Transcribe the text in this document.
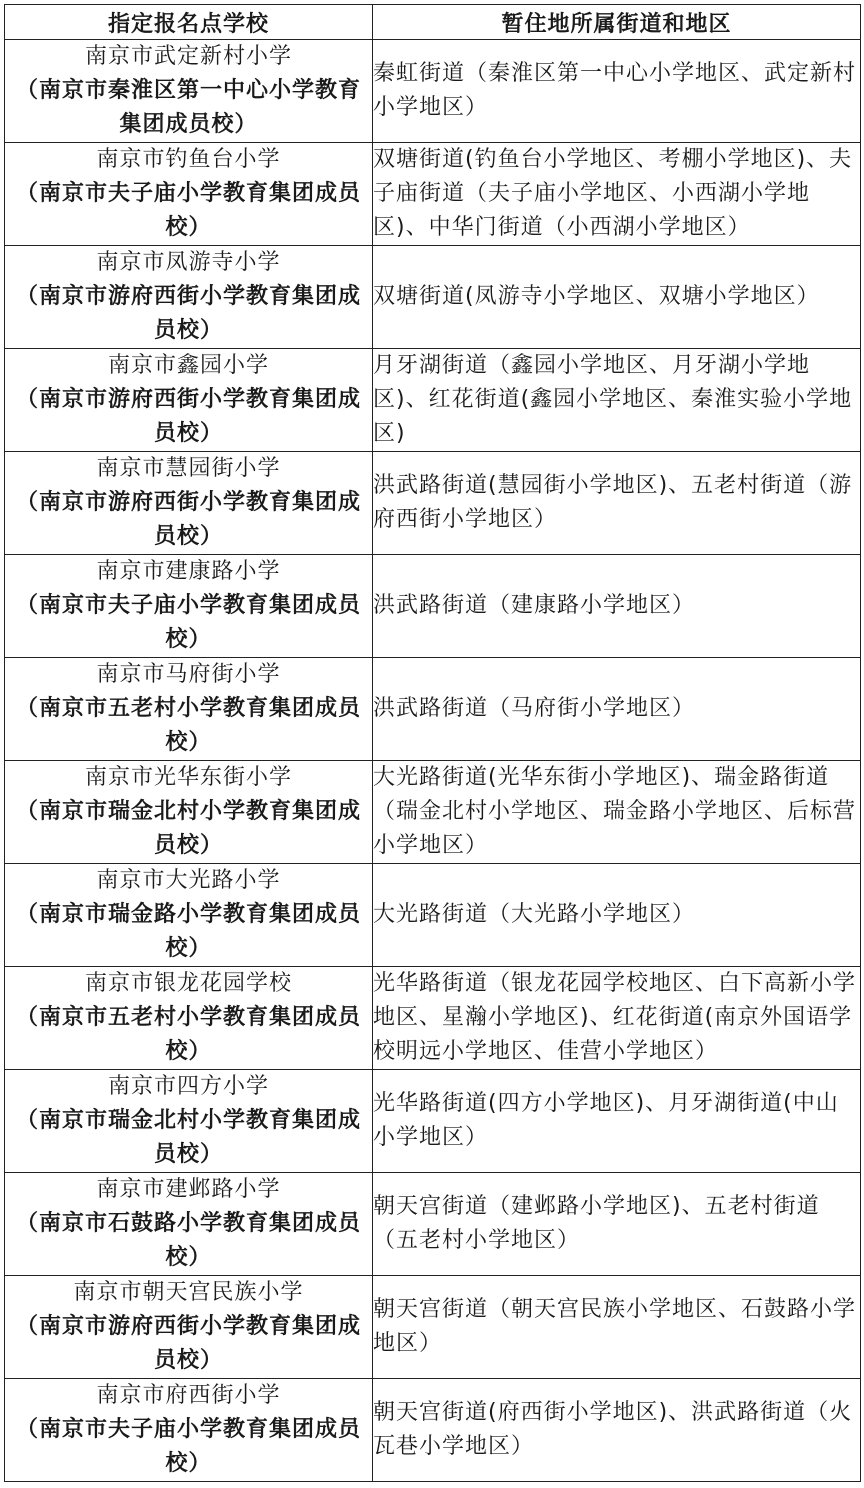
指定报名点学校	暂住地所属街道和地区

南京市武定新村小学
（南京市秦淮区第一中心小学教育集团成员校）	秦虹街道（秦淮区第一中心小学地区、武定新村小学地区）

南京市钓鱼台小学
（南京市夫子庙小学教育集团成员校）	双塘街道(钓鱼台小学地区、考棚小学地区)、夫子庙街道（夫子庙小学地区、小西湖小学地区)、中华门街道（小西湖小学地区）

南京市凤游寺小学
（南京市游府西街小学教育集团成员校）	双塘街道(凤游寺小学地区、双塘小学地区）

南京市鑫园小学
（南京市游府西街小学教育集团成员校）	月牙湖街道（鑫园小学地区、月牙湖小学地区)、红花街道(鑫园小学地区、秦淮实验小学地区)

南京市慧园街小学
（南京市游府西街小学教育集团成员校）	洪武路街道(慧园街小学地区)、五老村街道（游府西街小学地区）

南京市建康路小学
（南京市夫子庙小学教育集团成员校）	洪武路街道（建康路小学地区）

南京市马府街小学
（南京市五老村小学教育集团成员校）	洪武路街道（马府街小学地区）

南京市光华东街小学
（南京市瑞金北村小学教育集团成员校）	大光路街道(光华东街小学地区)、瑞金路街道（瑞金北村小学地区、瑞金路小学地区、后标营小学地区）

南京市大光路小学
（南京市瑞金路小学教育集团成员校）	大光路街道（大光路小学地区）

南京市银龙花园学校
（南京市五老村小学教育集团成员校）	光华路街道（银龙花园学校地区、白下高新小学地区、星瀚小学地区)、红花街道(南京外国语学校明远小学地区、佳营小学地区）

南京市四方小学
（南京市瑞金北村小学教育集团成员校）	光华路街道(四方小学地区)、月牙湖街道(中山小学地区）

南京市建邺路小学
（南京市石鼓路小学教育集团成员校）	朝天宫街道（建邺路小学地区)、五老村街道（五老村小学地区）

南京市朝天宫民族小学
（南京市游府西街小学教育集团成员校）	朝天宫街道（朝天宫民族小学地区、石鼓路小学地区）

南京市府西街小学
（南京市夫子庙小学教育集团成员校）	朝天宫街道(府西街小学地区)、洪武路街道（火瓦巷小学地区）
